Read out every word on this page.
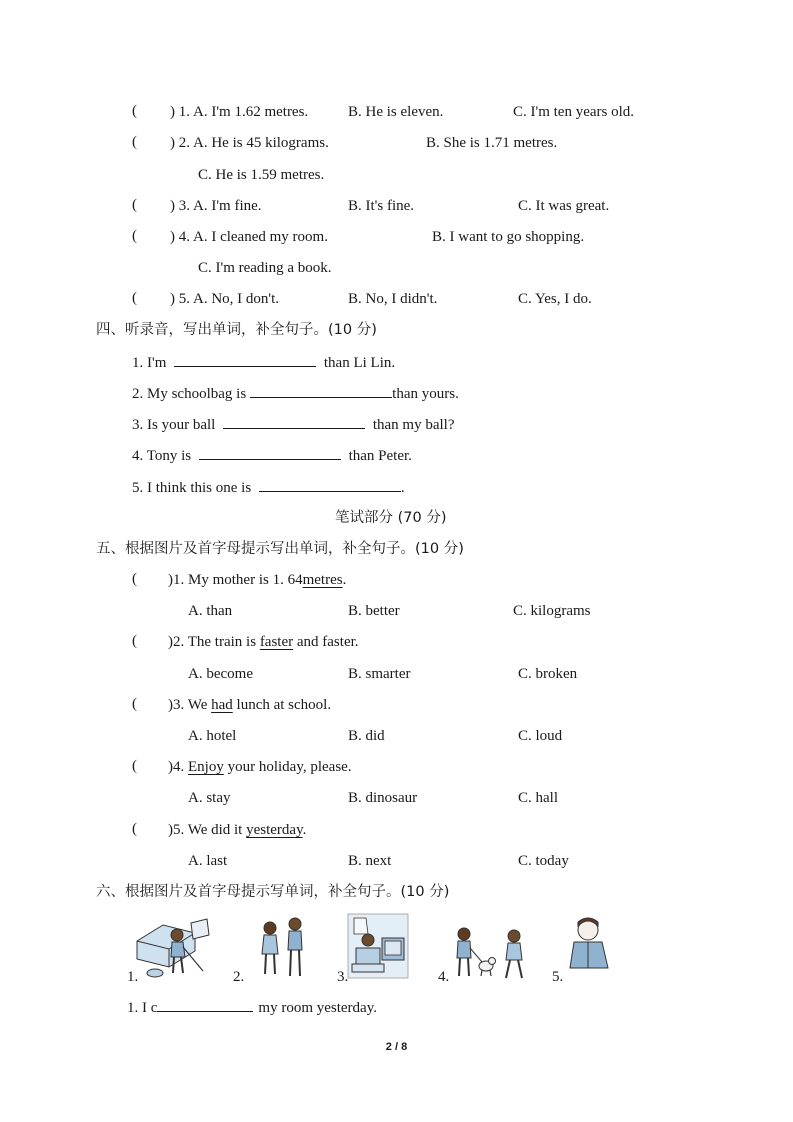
( ) 1. A. I'm 1.62 metres.	B. He is eleven.	C. I'm ten years old.
( ) 2. A. He is 45 kilograms.	B. She is 1.71 metres.
C. He is 1.59 metres.
( ) 3. A. I'm fine.	B. It's fine.	C. It was great.
( ) 4. A. I cleaned my room.	B. I want to go shopping.
C. I'm reading a book.
( ) 5. A. No, I don't.	B. No, I didn't.	C. Yes, I do.
四、听录音，写出单词，补全句子。(10 分)
1. I'm	than Li Lin.
2. My schoolbag is	than yours.
3. Is your ball	than my ball?
4. Tony is	than Peter.
5. I think this one is	.
笔试部分 (70 分)
五、根据图片及首字母提示写出单词，补全句子。(10 分)
( )1. My mother is 1. 64metres.
A. than	B. better	C. kilograms
( )2. The train is faster and faster.
A. become	B. smarter	C. broken
( )3. We had lunch at school.
A. hotel	B. did	C. loud
( )4. Enjoy your holiday, please.
A. stay	B. dinosaur	C. hall
( )5. We did it yesterday.
A. last	B. next	C. today
六、根据图片及首字母提示写单词，补全句子。(10 分)
1.	2.	3.	4.	5.
1. I c	my room yesterday.
2 / 8
